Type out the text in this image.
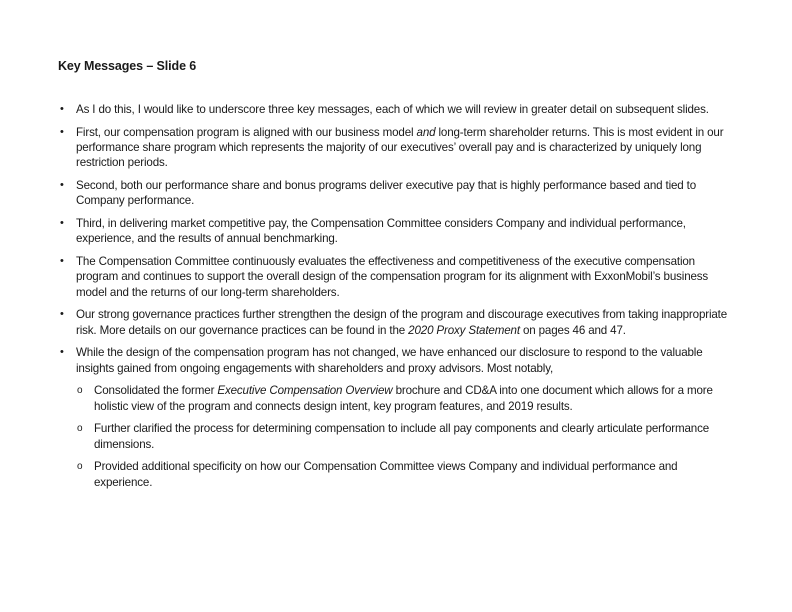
Key Messages – Slide 6
• As I do this, I would like to underscore three key messages, each of which we will review in greater detail on subsequent slides.
• First, our compensation program is aligned with our business model and long-term shareholder returns. This is most evident in our performance share program which represents the majority of our executives’ overall pay and is characterized by uniquely long restriction periods.
• Second, both our performance share and bonus programs deliver executive pay that is highly performance based and tied to Company performance.
• Third, in delivering market competitive pay, the Compensation Committee considers Company and individual performance, experience, and the results of annual benchmarking.
• The Compensation Committee continuously evaluates the effectiveness and competitiveness of the executive compensation program and continues to support the overall design of the compensation program for its alignment with ExxonMobil’s business model and the returns of our long-term shareholders.
• Our strong governance practices further strengthen the design of the program and discourage executives from taking inappropriate risk. More details on our governance practices can be found in the 2020 Proxy Statement on pages 46 and 47.
• While the design of the compensation program has not changed, we have enhanced our disclosure to respond to the valuable insights gained from ongoing engagements with shareholders and proxy advisors. Most notably,
o Consolidated the former Executive Compensation Overview brochure and CD&A into one document which allows for a more holistic view of the program and connects design intent, key program features, and 2019 results.
o Further clarified the process for determining compensation to include all pay components and clearly articulate performance dimensions.
o Provided additional specificity on how our Compensation Committee views Company and individual performance and experience.
